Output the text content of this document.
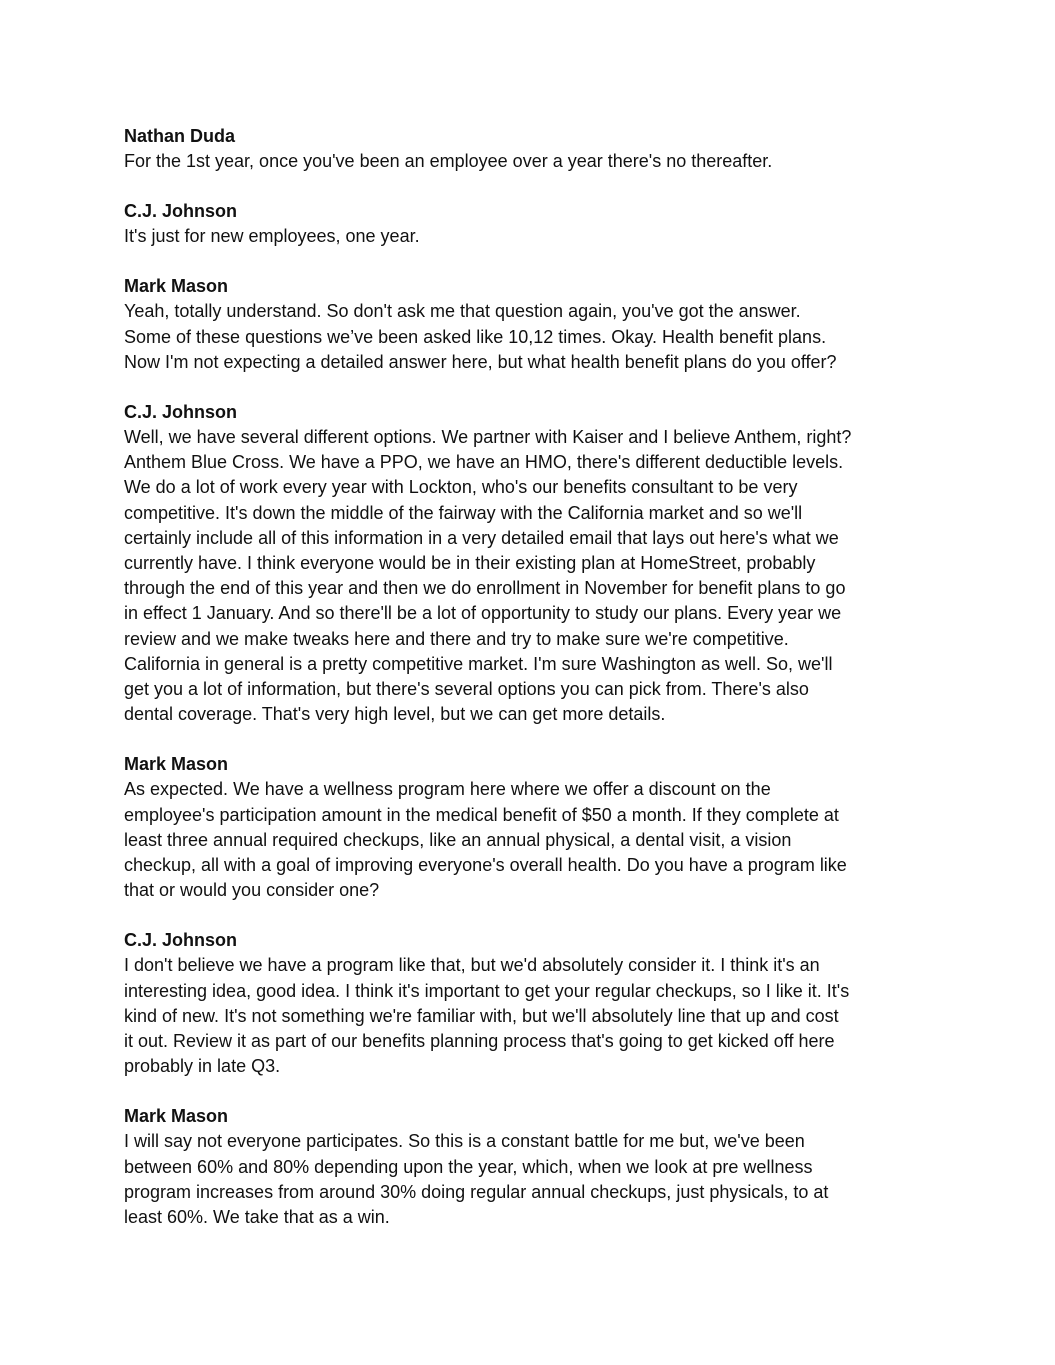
Nathan Duda

For the 1st year, once you've been an employee over a year there's no thereafter.

C.J. Johnson

It's just for new employees, one year.

Mark Mason

Yeah, totally understand. So don't ask me that question again, you've got the answer.
Some of these questions we’ve been asked like 10,12 times. Okay. Health benefit plans.
Now I'm not expecting a detailed answer here, but what health benefit plans do you offer?

C.J. Johnson

Well, we have several different options. We partner with Kaiser and I believe Anthem, right?
Anthem Blue Cross. We have a PPO, we have an HMO, there's different deductible levels.
We do a lot of work every year with Lockton, who's our benefits consultant to be very
competitive. It's down the middle of the fairway with the California market and so we'll
certainly include all of this information in a very detailed email that lays out here's what we
currently have. I think everyone would be in their existing plan at HomeStreet, probably
through the end of this year and then we do enrollment in November for benefit plans to go
in effect 1 January. And so there'll be a lot of opportunity to study our plans. Every year we
review and we make tweaks here and there and try to make sure we're competitive.
California in general is a pretty competitive market. I'm sure Washington as well. So, we'll
get you a lot of information, but there's several options you can pick from. There's also
dental coverage. That's very high level, but we can get more details.

Mark Mason

As expected. We have a wellness program here where we offer a discount on the
employee's participation amount in the medical benefit of $50 a month. If they complete at
least three annual required checkups, like an annual physical, a dental visit, a vision
checkup, all with a goal of improving everyone's overall health. Do you have a program like
that or would you consider one?

C.J. Johnson

I don't believe we have a program like that, but we'd absolutely consider it. I think it's an
interesting idea, good idea. I think it's important to get your regular checkups, so I like it. It's
kind of new. It's not something we're familiar with, but we'll absolutely line that up and cost
it out. Review it as part of our benefits planning process that's going to get kicked off here
probably in late Q3.

Mark Mason

I will say not everyone participates. So this is a constant battle for me but, we've been
between 60% and 80% depending upon the year, which, when we look at pre wellness
program increases from around 30% doing regular annual checkups, just physicals, to at
least 60%. We take that as a win.
